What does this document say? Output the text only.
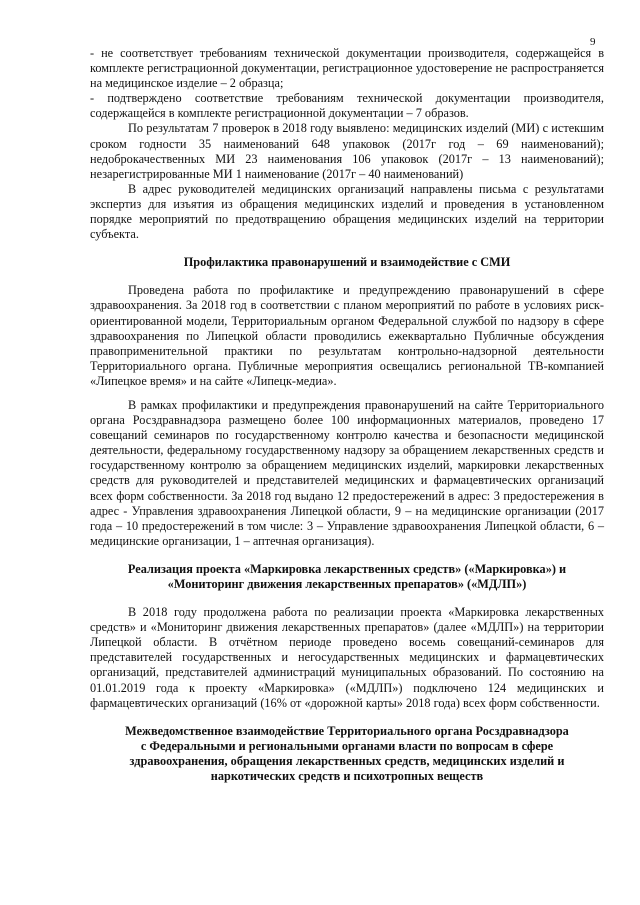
9

- не соответствует требованиям технической документации производителя, содержащейся в комплекте регистрационной документации, регистрационное удостоверение не распространяется на медицинское изделие – 2 образца;

- подтверждено соответствие требованиям технической документации производителя, содержащейся в комплекте регистрационной документации – 7 образов.

По результатам 7 проверок в 2018 году выявлено: медицинских изделий (МИ) с истекшим сроком годности 35 наименований 648 упаковок (2017г год – 69 наименований); недоброкачественных МИ 23 наименования 106 упаковок (2017г – 13 наименований); незарегистрированные МИ 1 наименование (2017г – 40 наименований)

В адрес руководителей медицинских организаций направлены письма с результатами экспертиз для изъятия из обращения медицинских изделий и проведения в установленном порядке мероприятий по предотвращению обращения медицинских изделий на территории субъекта.

Профилактика правонарушений и взаимодействие с СМИ

Проведена работа по профилактике и предупреждению правонарушений в сфере здравоохранения. За 2018 год в соответствии с планом мероприятий по работе в условиях риск-ориентированной модели, Территориальным органом Федеральной службой по надзору в сфере здравоохранения по Липецкой области проводились ежеквартально Публичные обсуждения правоприменительной практики по результатам контрольно-надзорной деятельности Территориального органа. Публичные мероприятия освещались региональной ТВ-компанией «Липецкое время» и на сайте «Липецк-медиа».

В рамках профилактики и предупреждения правонарушений на сайте Территориального органа Росздравнадзора размещено более 100 информационных материалов, проведено 17 совещаний семинаров по государственному контролю качества и безопасности медицинской деятельности, федеральному государственному надзору за обращением лекарственных средств и государственному контролю за обращением медицинских изделий, маркировки лекарственных средств для руководителей и представителей медицинских и фармацевтических организаций всех форм собственности. За 2018 год выдано 12 предостережений в адрес: 3 предостережения в адрес - Управления здравоохранения Липецкой области, 9 – на медицинские организации (2017 года – 10 предостережений в том числе: 3 – Управление здравоохранения Липецкой области, 6 – медицинские организации, 1 – аптечная организация).

Реализация проекта «Маркировка лекарственных средств» («Маркировка») и

«Мониторинг движения лекарственных препаратов» («МДЛП»)

В 2018 году продолжена работа по реализации проекта «Маркировка лекарственных средств» и «Мониторинг движения лекарственных препаратов» (далее «МДЛП») на территории Липецкой области. В отчётном периоде проведено восемь совещаний-семинаров для представителей государственных и негосударственных медицинских и фармацевтических организаций, представителей администраций муниципальных образований. По состоянию на 01.01.2019 года к проекту «Маркировка» («МДЛП») подключено 124 медицинских и фармацевтических организаций (16% от «дорожной карты» 2018 года) всех форм собственности.

Межведомственное взаимодействие Территориального органа Росздравнадзора

с Федеральными и региональными органами власти по вопросам в сфере

здравоохранения, обращения лекарственных средств, медицинских изделий и

наркотических средств и психотропных веществ
